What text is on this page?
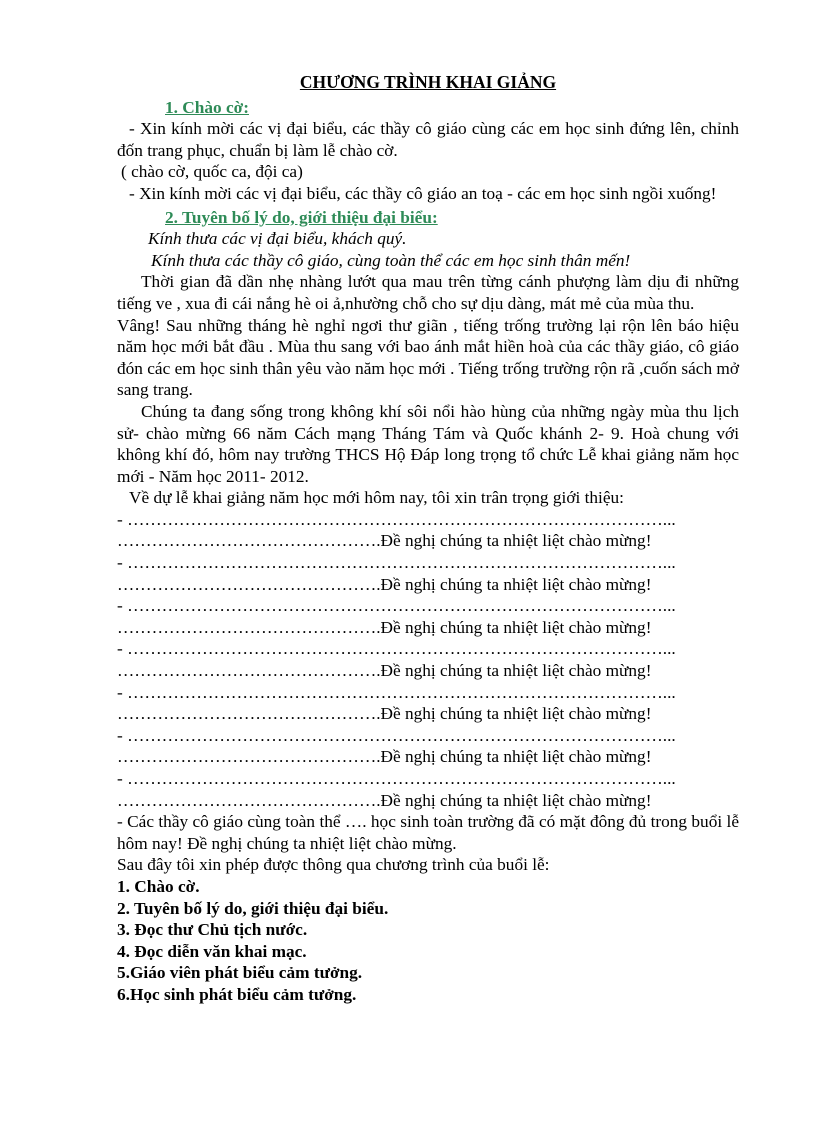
CHƯƠNG TRÌNH KHAI GIẢNG

1. Chào cờ:

- Xin kính mời các vị đại biểu, các thầy cô giáo cùng các em học sinh đứng lên, chỉnh đốn trang phục, chuẩn bị làm lễ chào cờ.

( chào cờ, quốc ca, đội ca)

- Xin kính mời các vị đại biểu, các thầy cô giáo an toạ - các em học sinh ngồi xuống!

2. Tuyên bố lý do, giới thiệu đại biểu:

Kính thưa các vị đại biểu, khách quý.

Kính thưa các thầy cô giáo, cùng toàn thể các em học sinh thân mến!

Thời gian đã dần nhẹ nhàng lướt qua mau trên từng cánh phượng làm dịu đi những tiếng ve , xua đi cái nắng hè oi ả,nhường chỗ cho sự dịu dàng, mát mẻ của mùa thu.

Vâng! Sau những tháng hè nghỉ ngơi thư giãn , tiếng trống trường lại rộn lên báo hiệu năm học mới bắt đầu . Mùa thu sang với bao ánh mắt hiền hoà của các thầy giáo, cô giáo đón các em học sinh thân yêu vào năm học mới . Tiếng trống trường rộn rã ,cuốn sách mở sang trang.

Chúng ta đang sống trong không khí sôi nổi hào hùng của những ngày mùa thu lịch sử- chào mừng 66 năm Cách mạng Tháng Tám và Quốc khánh 2- 9. Hoà chung với không khí đó, hôm nay trường THCS Hộ Đáp long trọng tổ chức Lễ khai giảng năm học mới - Năm học 2011- 2012.

Về dự lễ khai giảng năm học mới hôm nay, tôi xin trân trọng giới thiệu:

- …………………………………………………………………………………...

……………………………………….Đề nghị chúng ta nhiệt liệt chào mừng!

- …………………………………………………………………………………...

……………………………………….Đề nghị chúng ta nhiệt liệt chào mừng!

- …………………………………………………………………………………...

……………………………………….Đề nghị chúng ta nhiệt liệt chào mừng!

- …………………………………………………………………………………...

……………………………………….Đề nghị chúng ta nhiệt liệt chào mừng!

- …………………………………………………………………………………...

……………………………………….Đề nghị chúng ta nhiệt liệt chào mừng!

- …………………………………………………………………………………...

……………………………………….Đề nghị chúng ta nhiệt liệt chào mừng!

- …………………………………………………………………………………...

……………………………………….Đề nghị chúng ta nhiệt liệt chào mừng!

- Các thầy cô giáo cùng toàn thể …. học sinh toàn trường đã có mặt đông đủ trong buổi lễ hôm nay! Đề nghị chúng ta nhiệt liệt chào mừng.

Sau đây tôi xin phép được thông qua chương trình của buổi lễ:

1. Chào cờ.

2. Tuyên bố lý do, giới thiệu đại biểu.

3. Đọc thư Chủ tịch nước.

4. Đọc diễn văn khai mạc.

5.Giáo viên phát biểu cảm tưởng.

6.Học sinh phát biểu cảm tưởng.
